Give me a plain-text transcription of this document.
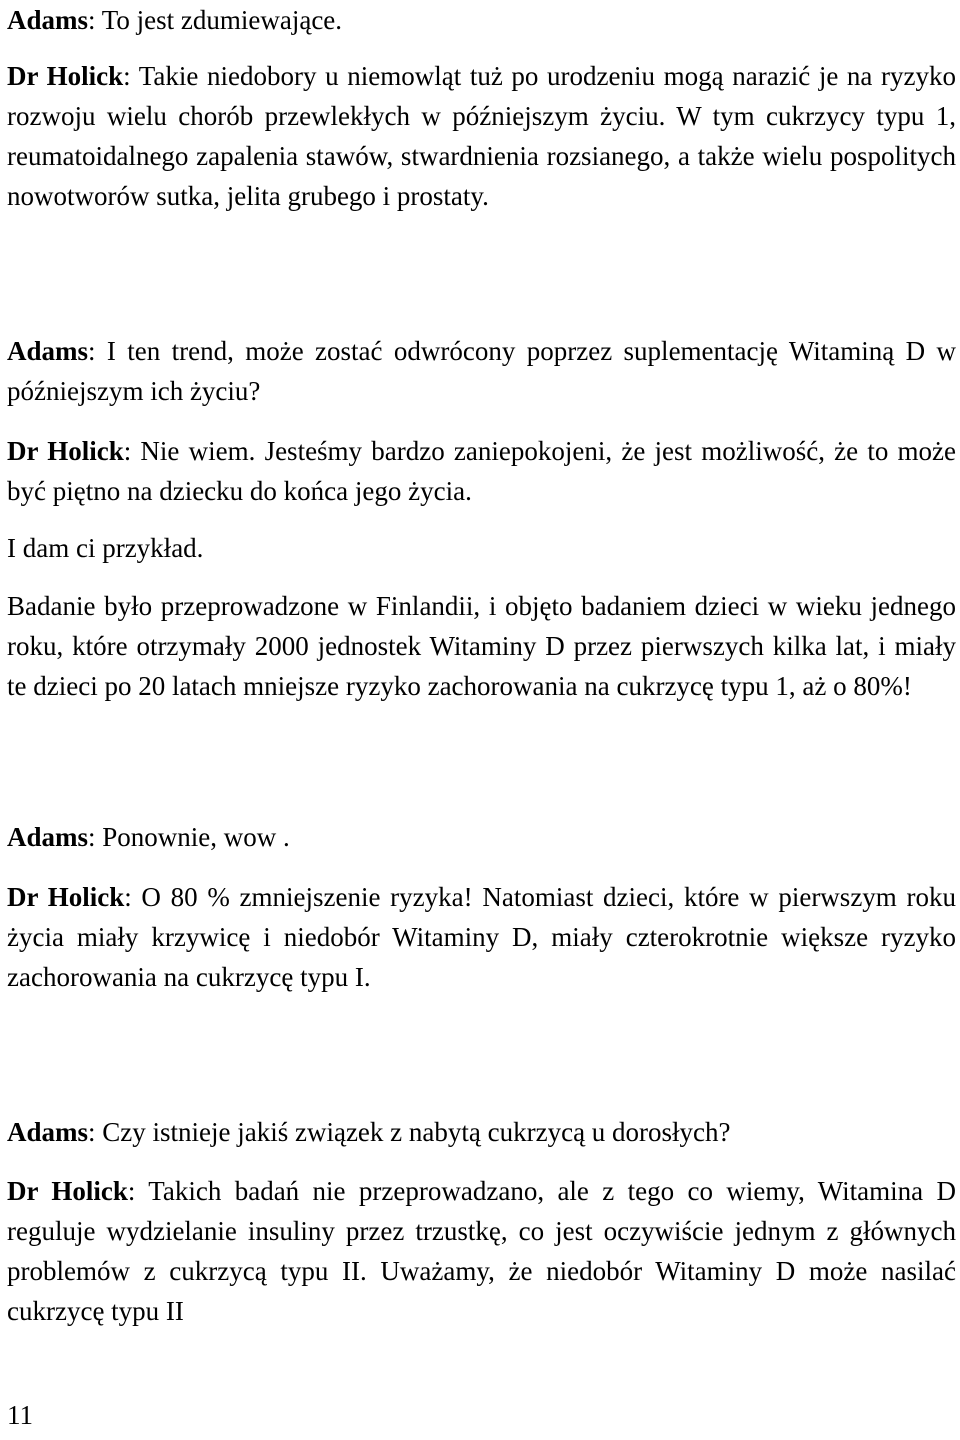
Adams: To jest zdumiewające.

Dr Holick: Takie niedobory u niemowląt tuż po urodzeniu mogą narazić je na ryzyko rozwoju wielu chorób przewlekłych w późniejszym życiu. W tym cukrzycy typu 1, reumatoidalnego zapalenia stawów, stwardnienia rozsianego, a także wielu pospolitych nowotworów sutka, jelita grubego i prostaty.

Adams: I ten trend, może zostać odwrócony poprzez suplementację Witaminą D w późniejszym ich życiu?

Dr Holick: Nie wiem. Jesteśmy bardzo zaniepokojeni, że jest możliwość, że to może być piętno na dziecku do końca jego życia.

I dam ci przykład.

Badanie było przeprowadzone w Finlandii, i objęto badaniem dzieci w wieku jednego roku, które otrzymały 2000 jednostek Witaminy D przez pierwszych kilka lat, i miały te dzieci po 20 latach mniejsze ryzyko zachorowania na cukrzycę typu 1, aż o 80%!

Adams: Ponownie, wow .

Dr Holick: O 80 % zmniejszenie ryzyka! Natomiast dzieci, które w pierwszym roku życia miały krzywicę i niedobór Witaminy D, miały czterokrotnie większe ryzyko zachorowania na cukrzycę typu I.

Adams: Czy istnieje jakiś związek z nabytą cukrzycą u dorosłych?

Dr Holick: Takich badań nie przeprowadzano, ale z tego co wiemy, Witamina D reguluje wydzielanie insuliny przez trzustkę, co jest oczywiście jednym z głównych problemów z cukrzycą typu II. Uważamy, że niedobór Witaminy D może nasilać cukrzycę typu II

11
